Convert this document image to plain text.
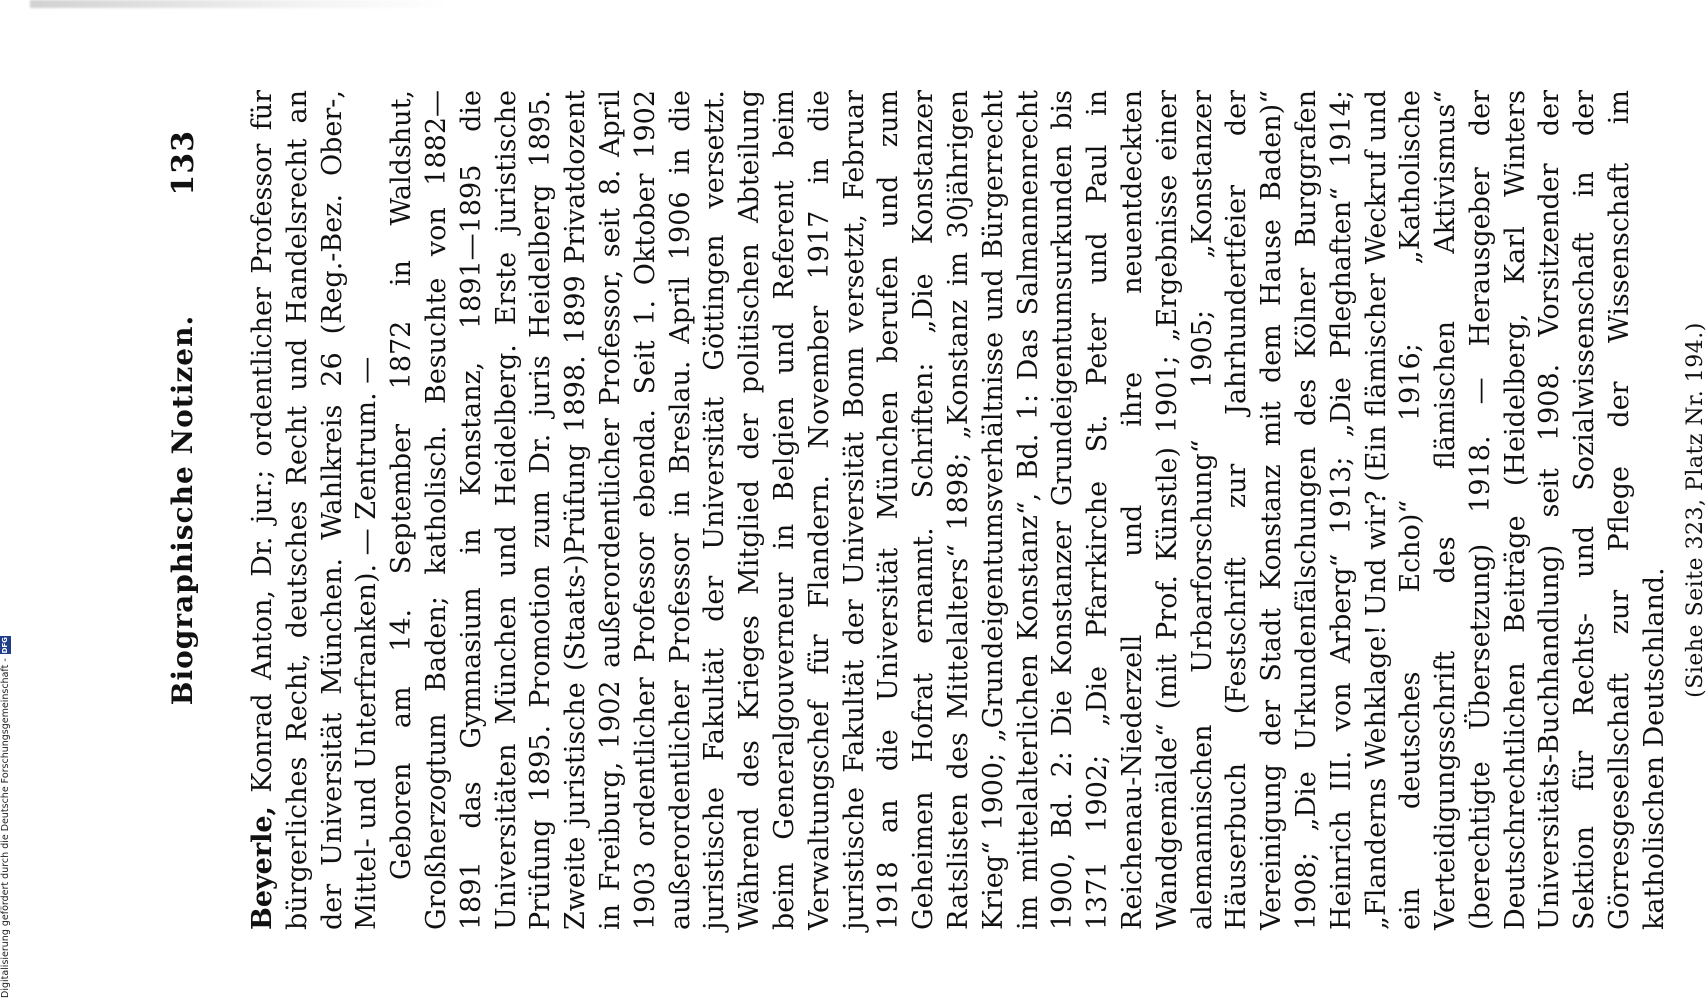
Biographische Notizen.
133

Beyerle, Konrad Anton, Dr. jur.; ordentlicher Professor für bürgerliches Recht, deutsches Recht und Handelsrecht an der Universität München. Wahlkreis 26 (Reg.-Bez. Ober-, Mittel- und Unterfranken). — Zentrum. — Geboren am 14. September 1872 in Waldshut, Großherzogtum Baden; katholisch. Besuchte von 1882—1891 das Gymnasium in Konstanz, 1891—1895 die Universitäten München und Heidelberg. Erste juristische Prüfung 1895. Promotion zum Dr. juris Heidelberg 1895. Zweite juristische (Staats-)Prüfung 1898. 1899 Privatdozent in Freiburg, 1902 außerordentlicher Professor, seit 8. April 1903 ordentlicher Professor ebenda. Seit 1. Oktober 1902 außerordentlicher Professor in Breslau. April 1906 in die juristische Fakultät der Universität Göttingen versetzt. Während des Krieges Mitglied der politischen Abteilung beim Generalgouverneur in Belgien und Referent beim Verwaltungschef für Flandern. November 1917 in die juristische Fakultät der Universität Bonn versetzt, Februar 1918 an die Universität München berufen und zum Geheimen Hofrat ernannt. Schriften: „Die Konstanzer Ratslisten des Mittelalters“ 1898; „Konstanz im 30jährigen Krieg“ 1900; „Grundeigentumsverhältnisse und Bürgerrecht im mittelalterlichen Konstanz“, Bd. 1: Das Salmannenrecht 1900, Bd. 2: Die Konstanzer Grundeigentumsurkunden bis 1371 1902; „Die Pfarrkirche St. Peter und Paul in Reichenau-Niederzell und ihre neuentdeckten Wandgemälde“ (mit Prof. Künstle) 1901; „Ergebnisse einer alemannischen Urbarforschung“ 1905; „Konstanzer Häuserbuch (Festschrift zur Jahrhundertfeier der Vereinigung der Stadt Konstanz mit dem Hause Baden)“ 1908; „Die Urkundenfälschungen des Kölner Burggrafen Heinrich III. von Arberg“ 1913; „Die Pfleghaften“ 1914; „Flanderns Wehklage! Und wir? (Ein flämischer Weckruf und ein deutsches Echo)“ 1916; „Katholische Verteidigungsschrift des flämischen Aktivismus“ (berechtigte Übersetzung) 1918. — Herausgeber der Deutschrechtlichen Beiträge (Heidelberg, Karl Winters Universitäts-Buchhandlung) seit 1908. Vorsitzender der Sektion für Rechts- und Sozialwissenschaft in der Görresgesellschaft zur Pflege der Wissenschaft im katholischen Deutschland.

(Siehe Seite 323, Platz Nr. 194.)
Digitalisierung gefördert durch die Deutsche Forschungsgemeinschaft -
DFG
